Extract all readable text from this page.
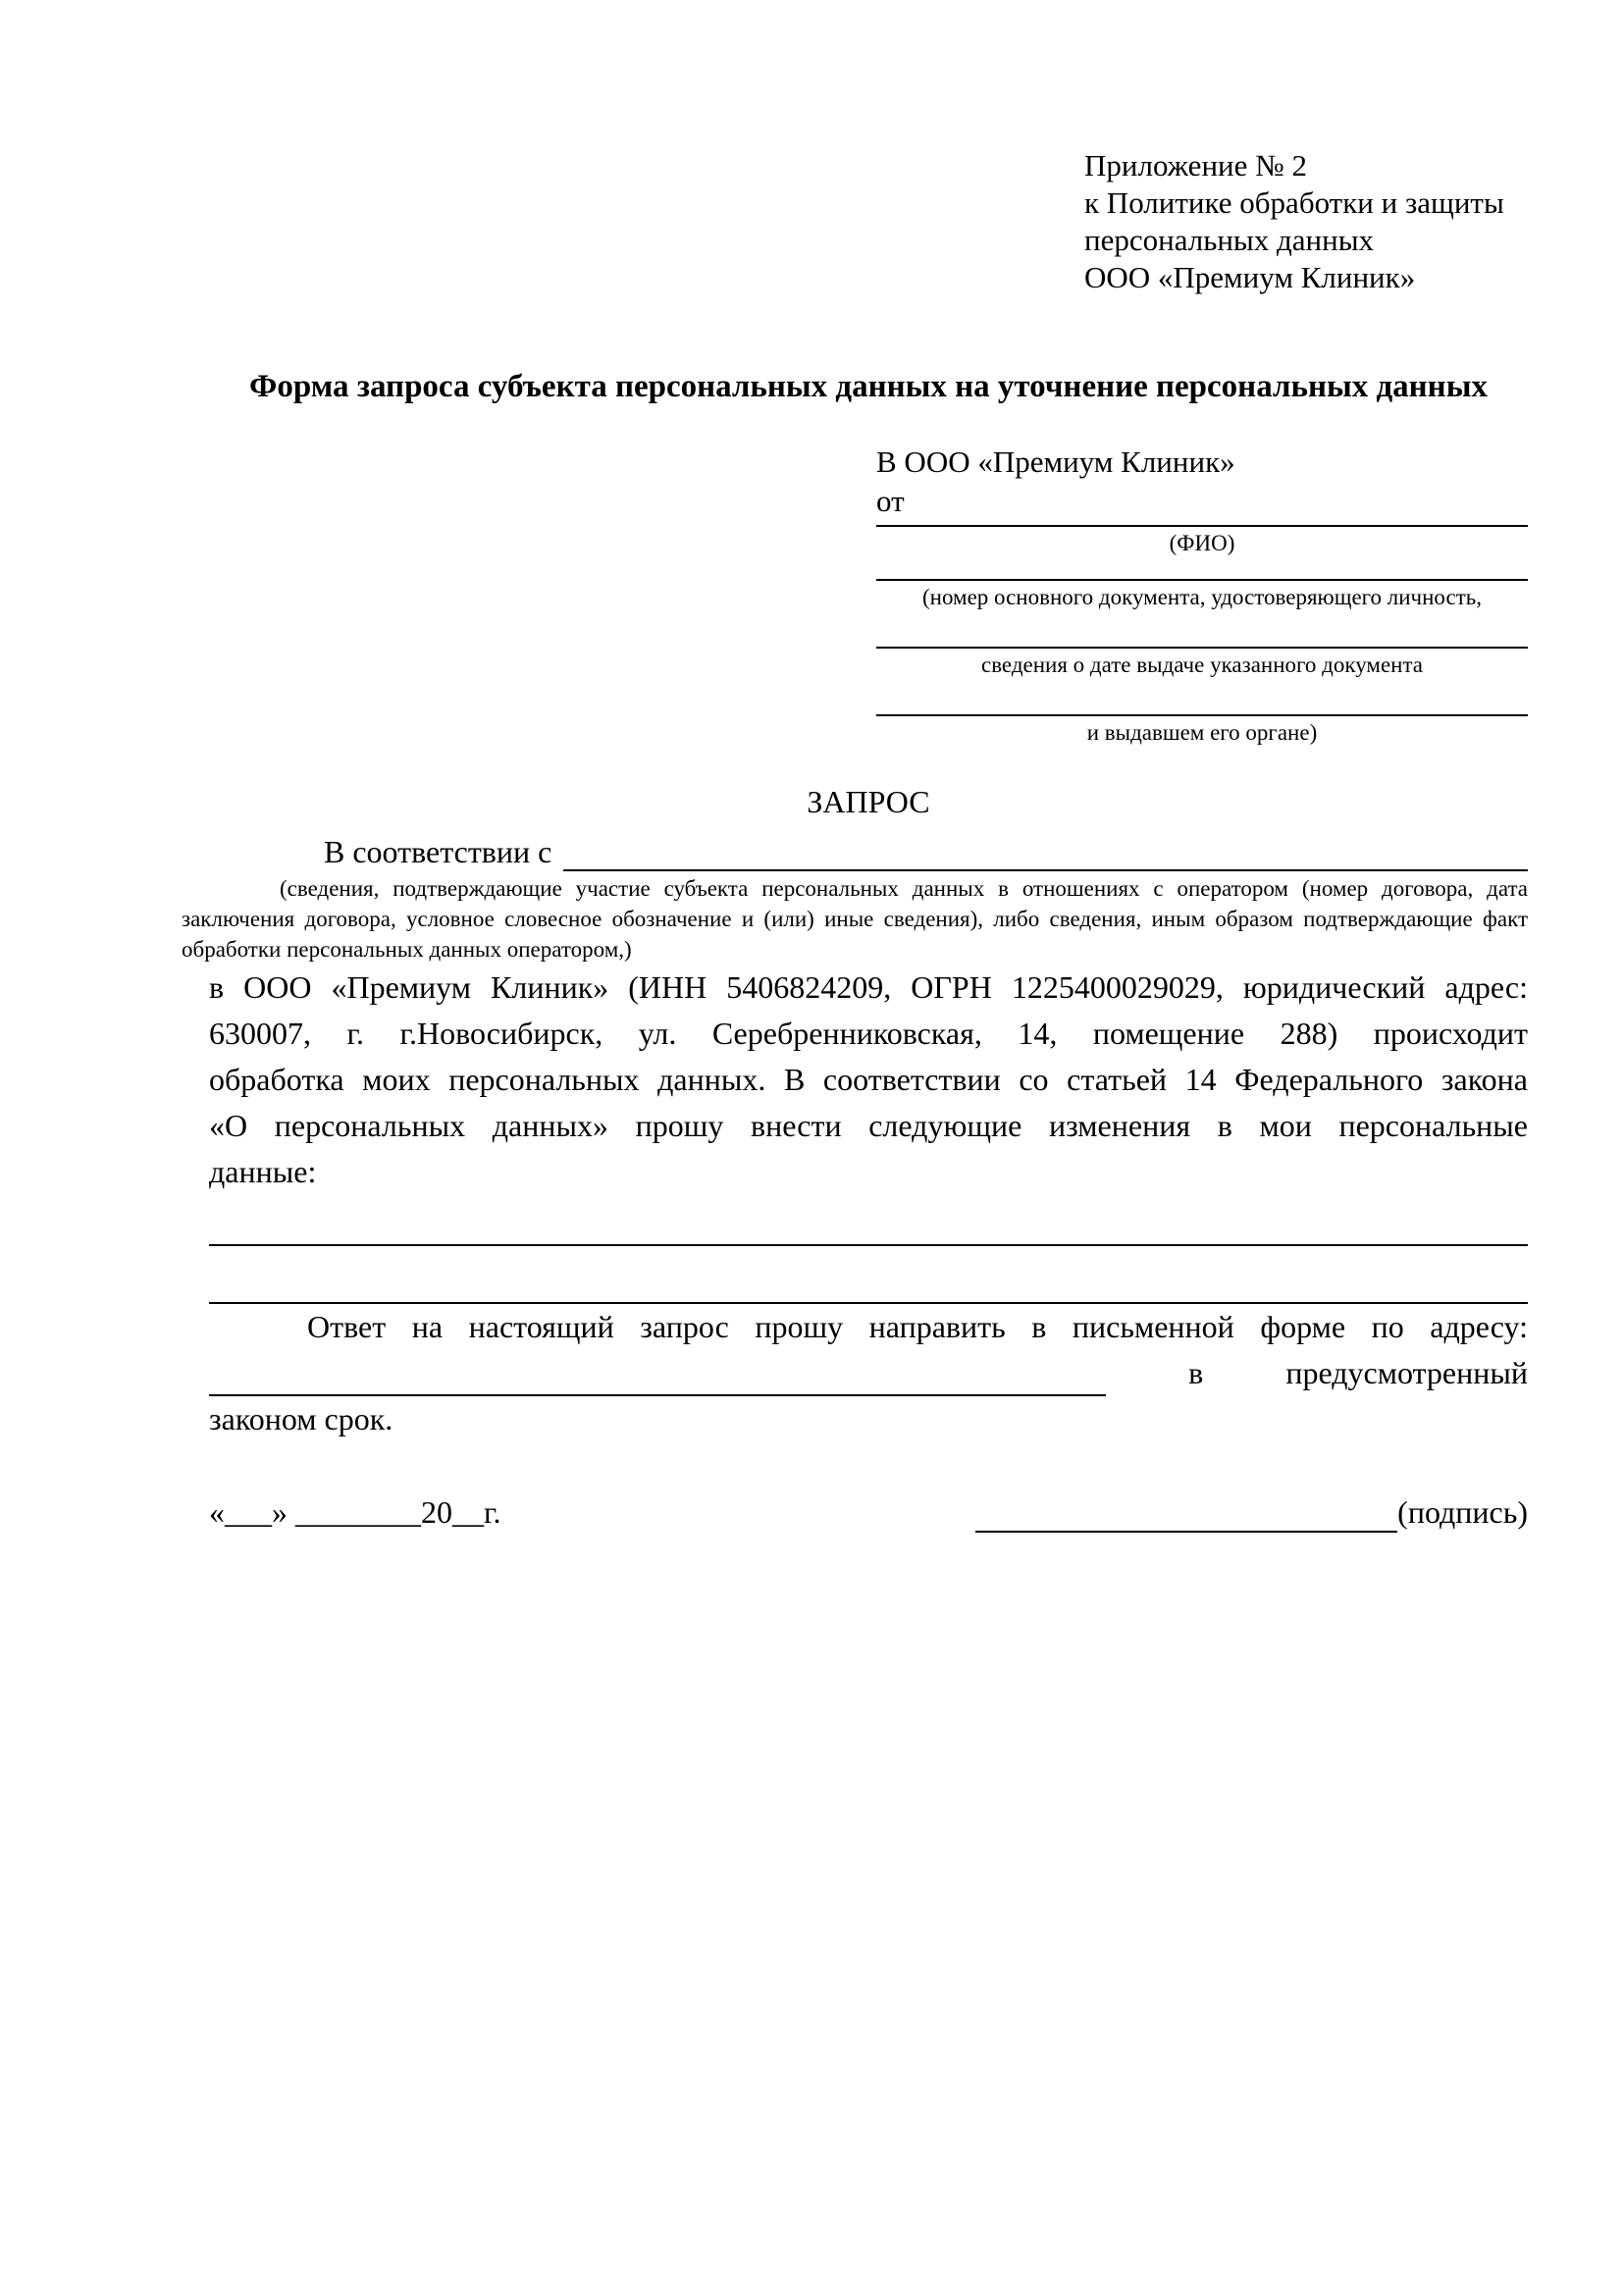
Приложение № 2
к Политике обработки и защиты
персональных данных
ООО «Премиум Клиник»
Форма запроса субъекта персональных данных на уточнение персональных данных
В ООО «Премиум Клиник»
от
(ФИО)
(номер основного документа, удостоверяющего личность,
сведения о дате выдаче указанного документа
и выдавшем его органе)
ЗАПРОС
В соответствии с
(сведения, подтверждающие участие субъекта персональных данных в отношениях с оператором (номер договора, дата
заключения договора, условное словесное обозначение и (или) иные сведения), либо сведения, иным образом подтверждающие факт
обработки персональных данных оператором,)
в ООО «Премиум Клиник» (ИНН 5406824209, ОГРН 1225400029029, юридический адрес:
630007, г. г.Новосибирск, ул. Серебренниковская, 14, помещение 288) происходит
обработка моих персональных данных. В соответствии со статьей 14 Федерального закона
«О персональных данных» прошу внести следующие изменения в мои персональные
данные:
Ответ на настоящий запрос прошу направить в письменной форме по адресу:
в	предусмотренный
законом срок.
«___» ________20__г.	(подпись)
